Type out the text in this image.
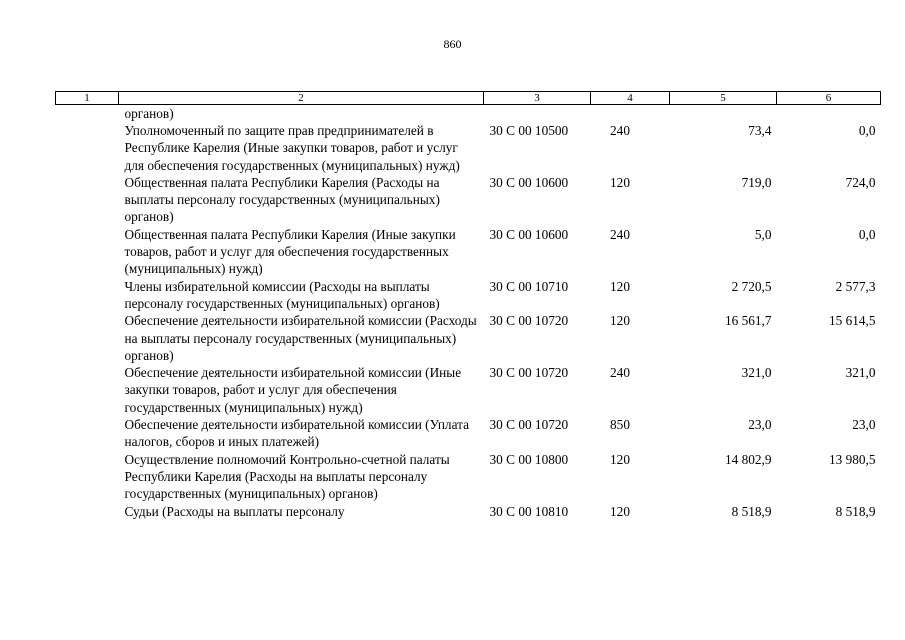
860
1	2	3	4	5	6
	органов)				
	Уполномоченный по защите прав предпринимателей в Республике Карелия (Иные закупки товаров, работ и услуг для обеспечения государственных (муниципальных) нужд)	30 С 00 10500	240	73,4	0,0
	Общественная палата Республики Карелия (Расходы на выплаты персоналу государственных (муниципальных) органов)	30 С 00 10600	120	719,0	724,0
	Общественная палата Республики Карелия (Иные закупки товаров, работ и услуг для обеспечения государственных (муниципальных) нужд)	30 С 00 10600	240	5,0	0,0
	Члены избирательной комиссии (Расходы на выплаты персоналу государственных (муниципальных) органов)	30 С 00 10710	120	2 720,5	2 577,3
	Обеспечение деятельности избирательной комиссии (Расходы на выплаты персоналу государственных (муниципальных) органов)	30 С 00 10720	120	16 561,7	15 614,5
	Обеспечение деятельности избирательной комиссии (Иные закупки товаров, работ и услуг для обеспечения государственных (муниципальных) нужд)	30 С 00 10720	240	321,0	321,0
	Обеспечение деятельности избирательной комиссии (Уплата налогов, сборов и иных платежей)	30 С 00 10720	850	23,0	23,0
	Осуществление полномочий Контрольно-счетной палаты Республики Карелия (Расходы на выплаты персоналу государственных (муниципальных) органов)	30 С 00 10800	120	14 802,9	13 980,5
	Судьи (Расходы на выплаты персоналу	30 С 00 10810	120	8 518,9	8 518,9
